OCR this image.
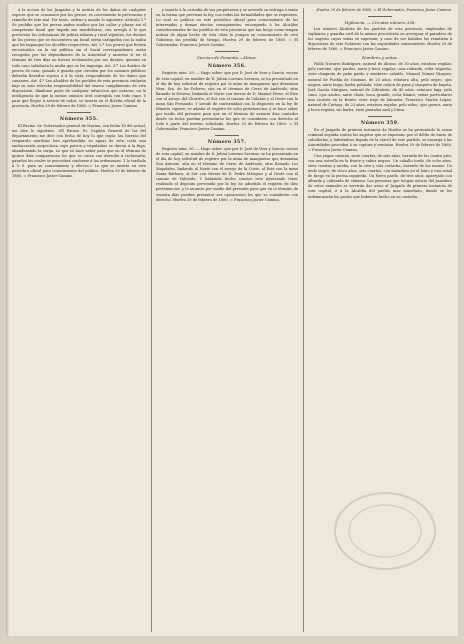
á la accion de los Juzgados y la noticia de los daños de cualquier especie que se ocasionen por los perros, es conveniente la prevencion y remedio de este mal. Por tanto, ordeno y mando lo siguiente: Artículo 1.º Se prohibe que los perros anden sueltos por las calles y plazas sin el competente bozal que impida sus mordeduras; con arreglo á lo que previenen las ordenanzas de policía urbana y rural vigentes, los dueños de los perros que se encuentren sin bozal serán castigados con la multa que les impongan los Alcaldes respectivos. Art. 2.º Los perros que fuesen encontrados en la vía pública sin el bozal correspondiente serán recogidos por los dependientes de la Autoridad y muertos si en el término de tres días no fuesen reclamados por sus dueños, quienes en todo caso satisfarán la multa que se les imponga. Art. 3.º Los dueños de perros de caza, ganado ó guarda que circulen por los caminos públicos deberán llevarlos sujetos ó á la vista, respondiendo de los daños que causaren. Art. 4.º Los Alcaldes de los pueblos de esta provincia cuidarán bajo su más estrecha responsabilidad del exacto cumplimiento de esta disposicion, dándome parte de cualquier infraccion que notaren, en la inteligencia de que la menor omision será corregida con todo rigor. Y para que llegue á noticia de todos, se inserta en el Boletín oficial de la provincia. Huelva 29 de febrero de 1860. = Francisco Javier Camino.
Número 355.
El Excmo. Sr. Gobernador general de Marina, con fecha 18 del actual, me dice lo siguiente: «El Excmo. Sr. Capitán General de las del departamento me dice con fecha de hoy lo que copio: las fuerzas del resguardo marítimo han aprehendido en aguas de esta costa una embarcación sospechosa cuyo patron y tripulantes se dieron á la fuga, abandonando la carga. Lo que se hace saber para que en el término de quince días comparezcan los que se crean con derecho á reclamarla, pasados los cuales se procederá conforme á las ordenanzas. Y lo traslado á V. S. para su conocimiento y efectos.» Lo que se inserta en este periódico oficial para conocimiento del público. Huelva 29 de febrero de 1860. = Francisco Javier Camino.
y tenerlo á la custodia de sus propietarios y se acuerde su entrega ó venta en la forma que previene la ley, con todas las formalidades que se requieren. Lo cual se publica en este periódico oficial para conocimiento de los interesados y demas efectos consiguientes, encargando á los Alcaldes constitucionales de los pueblos de esta provincia que tan luego como tengan noticia de algun hecho de esta clase lo pongan en conocimiento de este Gobierno sin pérdida de tiempo. Huelva 29 de febrero de 1860. = El Gobernador, Francisco Javier Camino.
Seccion de Fomento.—Minas.
Número 356.
Registro núm. 29. — Hago saber: que por D. José de Vera y García, vecino de esta capital, en nombre de D. Julian Lorenzo Serrano, se ha presentado en el dia de hoy solicitud de registro por la mina de manganeso que denomina Ntra. Sra. de los Dolores, sita en el término de Cerro de Andévalo, sitio llamado la Dehesa, lindando al Norte con tierras de D. Manuel Perez, al Este con el arroyo del Chorrito, al Sur con el camino de Calañas y al Oeste con la mina San Fernando. Y siendo de conformidad con lo dispuesto en la ley de Minería vigente, se admite el registro de ocho pertenencias, y se hace saber por medio del presente para que en el término de sesenta días contados desde su fecha puedan presentarse los que se consideren con derecho al todo ó parte del terreno solicitado. Huelva 29 de febrero de 1860. = El Gobernador, Francisco Javier Camino.
Número 357.
Registro núm. 30. — Hago saber: que por D. José de Vera y García, vecino de esta capital, en nombre de D. Julian Lorenzo Serrano, se ha presentado en el dia de hoy solicitud de registro por la mina de manganeso que denomina San Antonio, sita en el término de Cerro de Andévalo, sitio llamado Los Majadales, lindando al Norte con el arroyo de la Corte, al Este con la mina Santa Bárbara, al Sur con tierras de D. Pedro Márquez y al Oeste con el camino de Valverde. Y habiendo hecho constar este interesado tener realizado el depósito prevenido por la ley, he admitido el registro de diez pertenencias, y lo anuncio por medio del presente para que en el término de sesenta días puedan presentar sus oposiciones los que se consideren con derecho. Huelva 29 de febrero de 1860. = Francisco Javier Camino.
Huelva 29 de febrero de 1860. = El Gobernador, Francisco Javier Camino.
Vigilancia. — Circular número 358.
Los señores Alcaldes de los pueblos de esta provincia, empleados de vigilancia y guardia civil de la misma procederán en averiguar el paradero de los sugetos cuyas señas se expresan, y caso de ser habidos los remitirán á disposicion de este Gobierno con las seguridades convenientes. Huelva 29 de febrero de 1860. = Francisco Javier Camino.
Nombres y señas.
Pablo Navarro Rodríguez, natural de Alosno, de 30 años, estatura regular, pelo castaño, ojos pardos, nariz y boca regular, cara redonda, color trigueño, viste chaqueta de paño pardo y sombrero calañés. Manuel Gómez Vázquez, natural de Puebla de Guzman, de 25 años, estatura alta, pelo negro, ojos negros, nariz larga, barba poblada, viste calzon de pana y chaqueta de bayeta. José García Márquez, natural de Gibraleón, de 40 años, estatura baja, pelo cano, ojos azules, nariz chata, boca grande, color blanco, señas particulares una cicatriz en la frente, viste traje de labrador. Francisco Martín López, natural de Cartaya, de 22 años, estatura regular, pelo rubio, ojos garzos, nariz y boca regular, sin barba, viste pantalon azul y blusa.
Número 359.
En el Juzgado de primera instancia de Huelva se ha presentado la causa criminal seguida contra los sugetos que se expresan, por el delito de hurto de caballerías, y habiéndose fugado de la cárcel de este partido, se encarga á las Autoridades procedan á su captura y remision. Huelva 29 de febrero de 1860. = Francisco Javier Camino.
Una yegua castaña, siete cuartas, de seis años, herrada de los cuatro pies, con una estrella en la frente y cabos negros. Un caballo tordo, de ocho años, siete cuartas y media, con la crin y cola cortadas, herrado de las manos. Un mulo negro, de cinco años, seis cuartas, con matadura en el lomo y una señal de fuego en la pierna izquierda. Un burro pardo, de tres años, aparejado con albarda y cabezada de cáñamo. Las personas que tengan noticia del paradero de estos animales se servirán dar aviso al Juzgado de primera instancia de esta capital, ó á la Alcaldía del pueblo mas inmediato, donde se les indemnizarán los gastos que hubieren hecho en su custodia.
